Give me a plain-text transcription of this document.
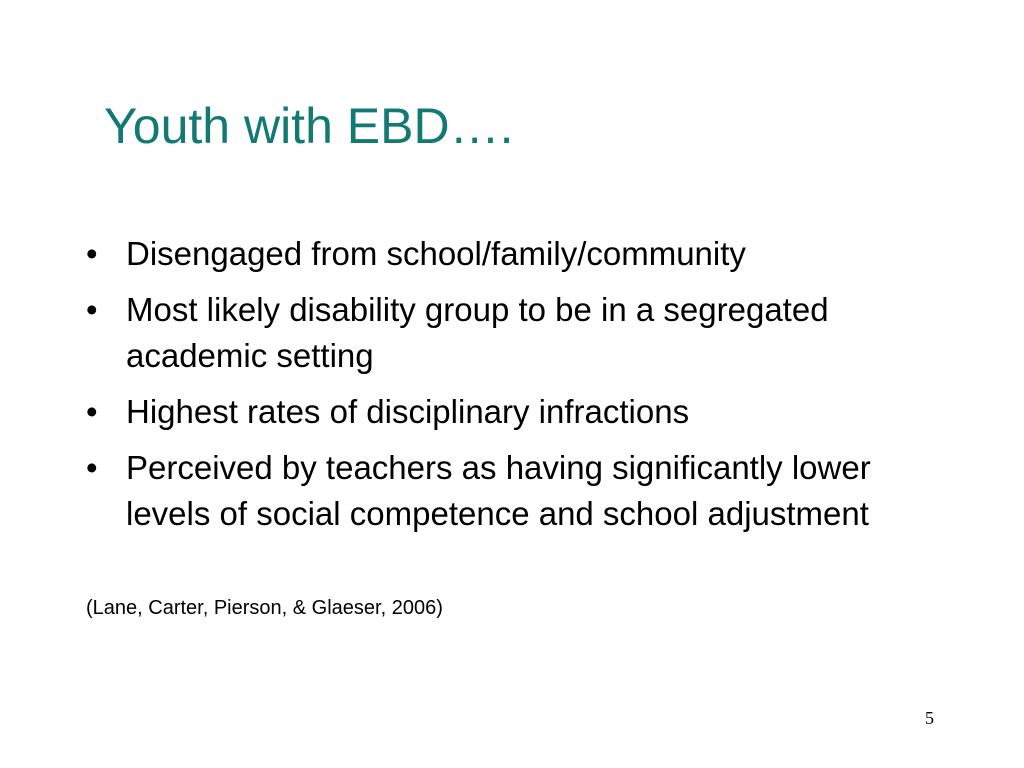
Youth with EBD….
• Disengaged from school/family/community
• Most likely disability group to be in a segregated academic setting
• Highest rates of disciplinary infractions
• Perceived by teachers as having significantly lower levels of social competence and school adjustment

(Lane, Carter, Pierson, & Glaeser, 2006)

5
